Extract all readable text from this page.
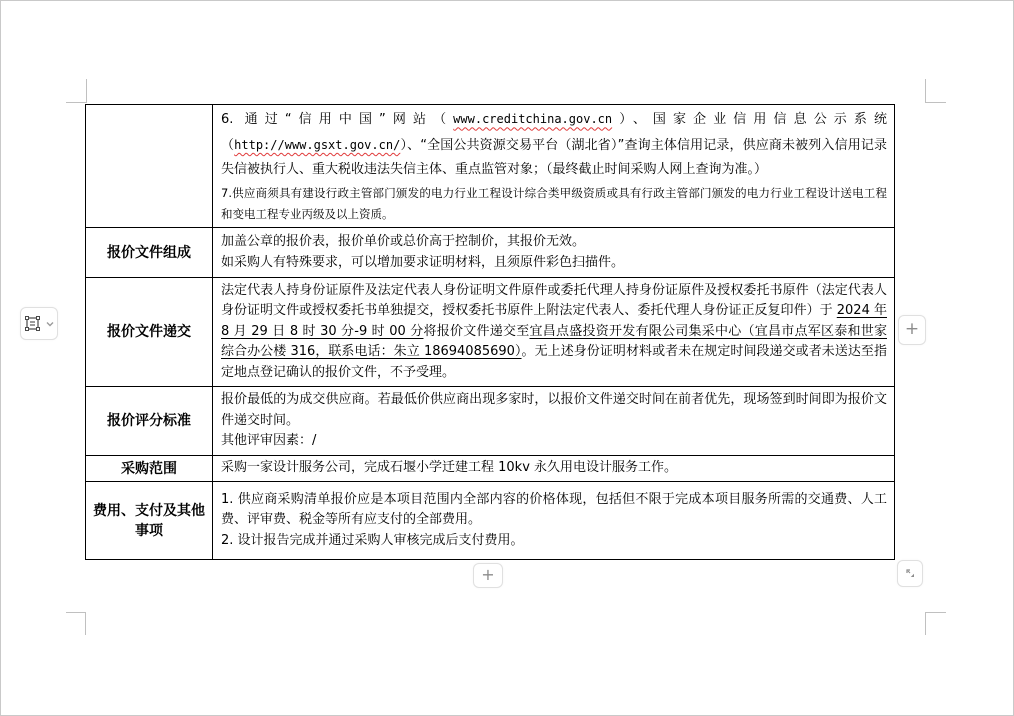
6. 通过“信用中国”网站（www.creditchina.gov.cn）、国家企业信用信息公示系统（http://www.gsxt.gov.cn/）、“全国公共资源交易平台（湖北省）”查询主体信用记录，供应商未被列入信用记录失信被执行人、重大税收违法失信主体、重点监管对象；（最终截止时间采购人网上查询为准。）

7.供应商须具有建设行政主管部门颁发的电力行业工程设计综合类甲级资质或具有行政主管部门颁发的电力行业工程设计送电工程和变电工程专业丙级及以上资质。

报价文件组成

加盖公章的报价表，报价单价或总价高于控制价，其报价无效。

如采购人有特殊要求，可以增加要求证明材料，且须原件彩色扫描件。

报价文件递交

法定代表人持身份证原件及法定代表人身份证明文件原件或委托代理人持身份证原件及授权委托书原件（法定代表人身份证明文件或授权委托书单独提交，授权委托书原件上附法定代表人、委托代理人身份证正反复印件）于 2024 年 8 月 29 日 8 时 30 分-9 时 00 分将报价文件递交至宜昌点盛投资开发有限公司集采中心（宜昌市点军区泰和世家综合办公楼 316，联系电话：朱立 18694085690）。无上述身份证明材料或者未在规定时间段递交或者未送达至指定地点登记确认的报价文件，不予受理。

报价评分标准

报价最低的为成交供应商。若最低价供应商出现多家时，以报价文件递交时间在前者优先，现场签到时间即为报价文件递交时间。

其他评审因素：/

采购范围	采购一家设计服务公司，完成石堰小学迁建工程 10kv 永久用电设计服务工作。

费用、支付及其他事项

1. 供应商采购清单报价应是本项目范围内全部内容的价格体现，包括但不限于完成本项目服务所需的交通费、人工费、评审费、税金等所有应支付的全部费用。

2. 设计报告完成并通过采购人审核完成后支付费用。

+
+
